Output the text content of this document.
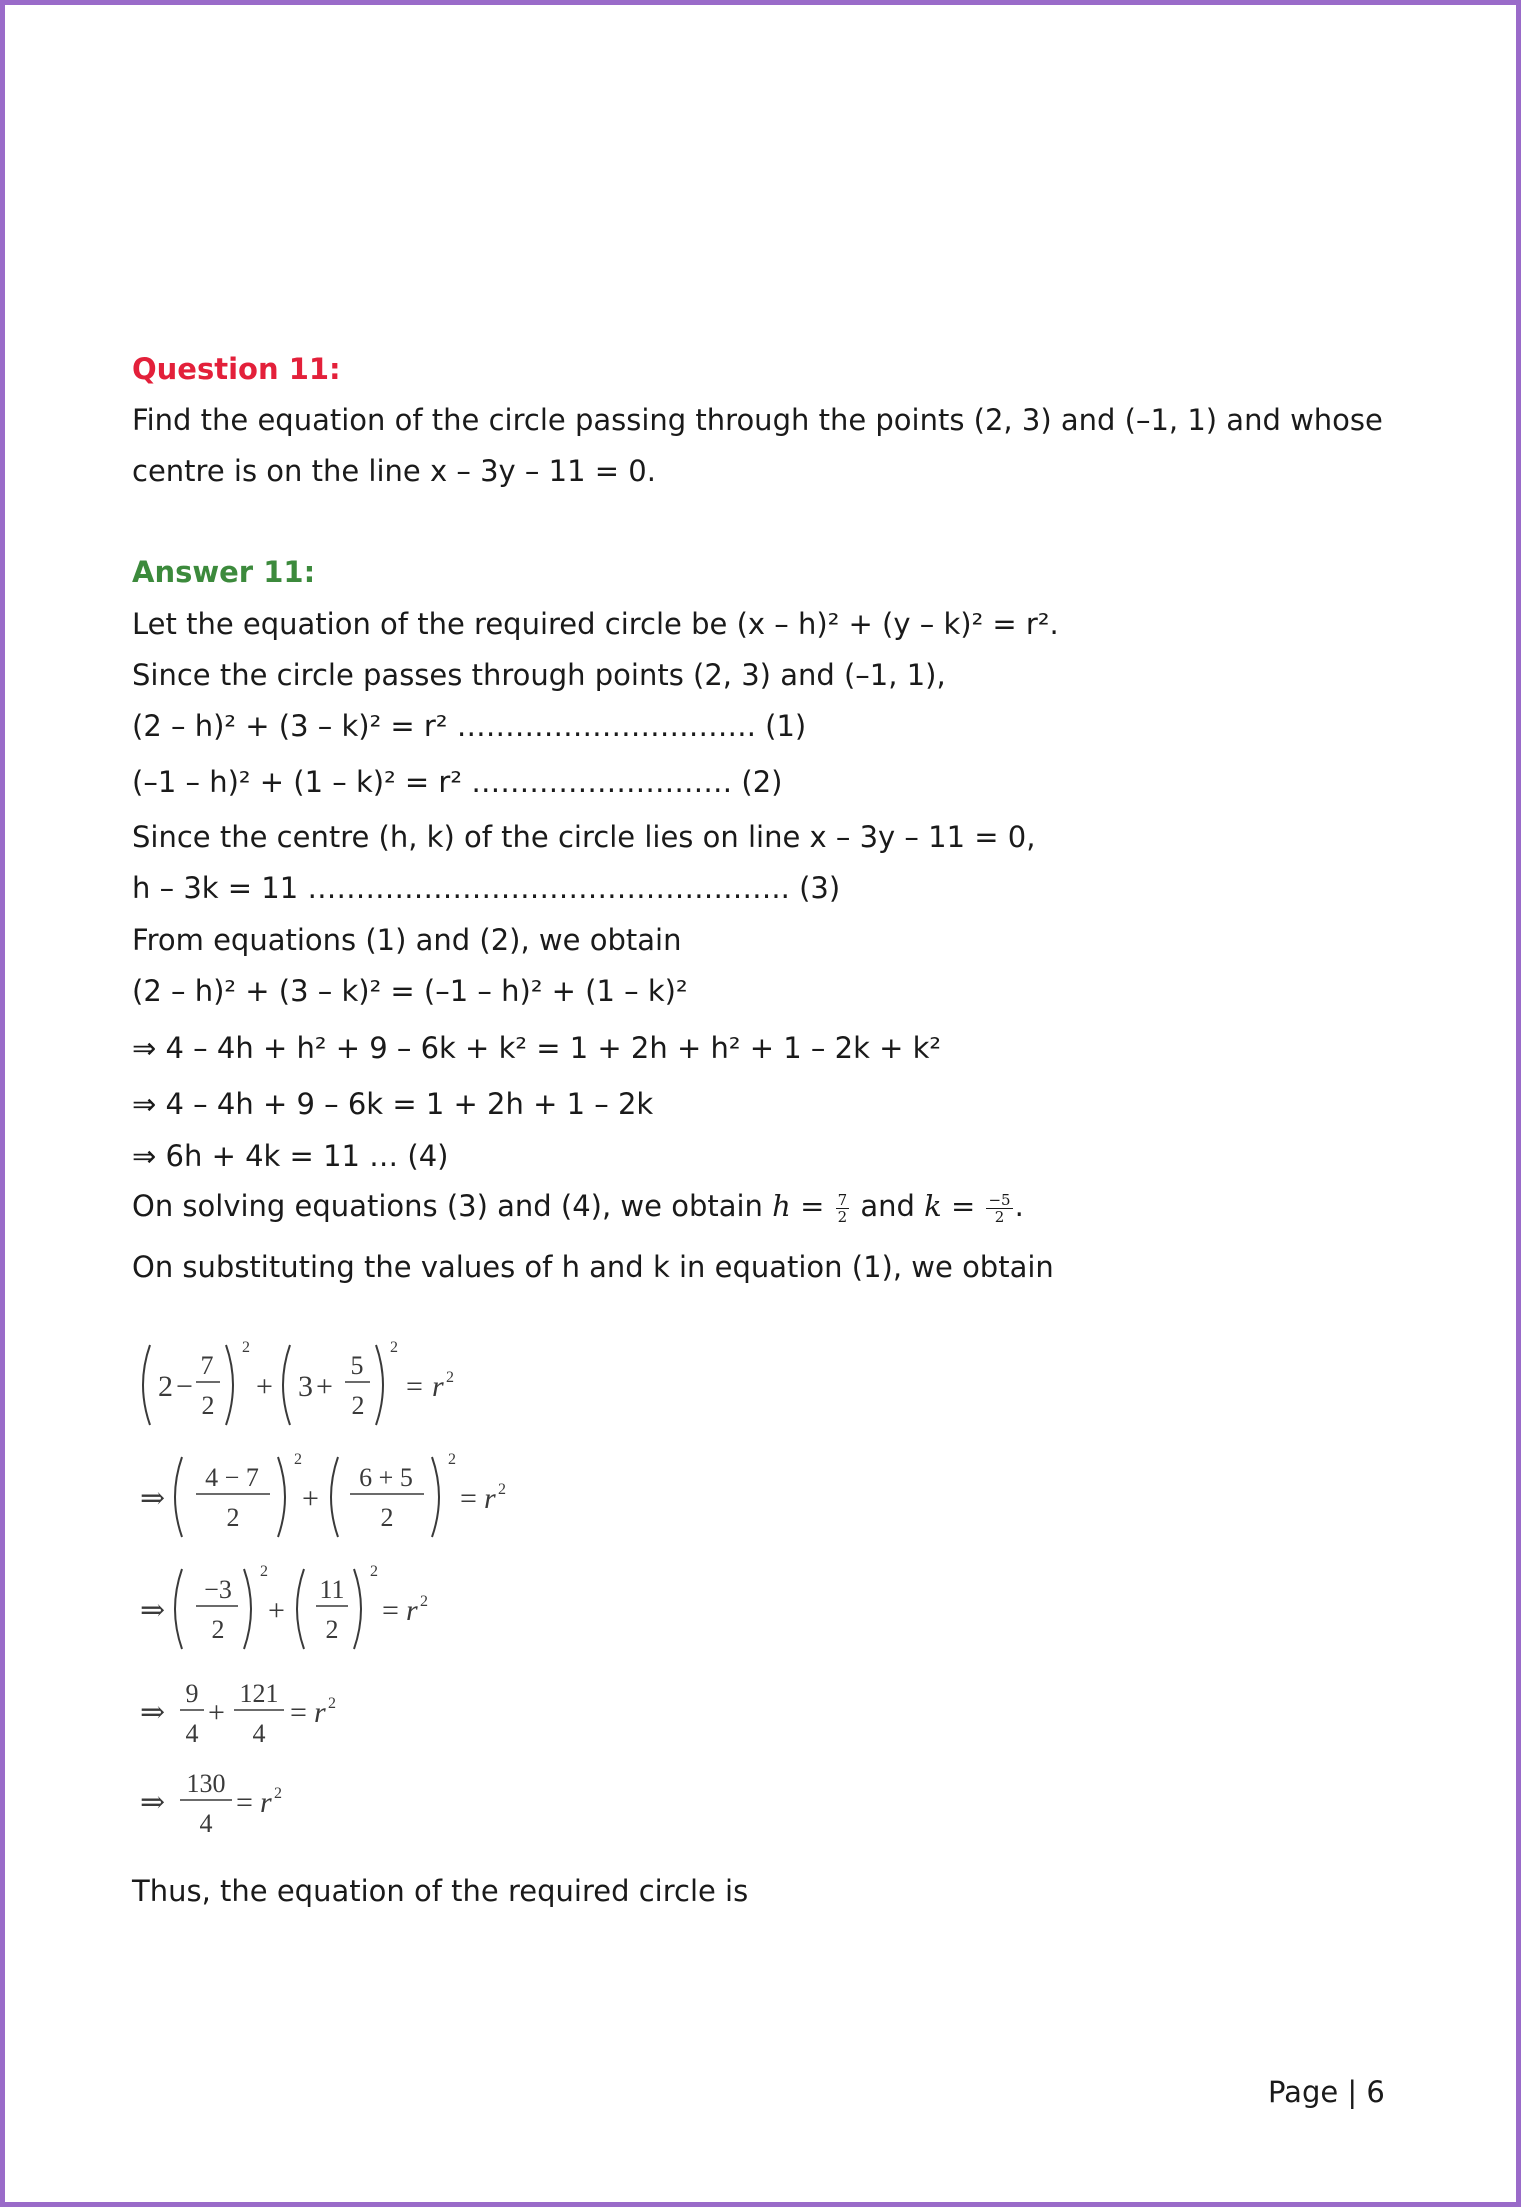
Question 11:
Find the equation of the circle passing through the points (2, 3) and (–1, 1) and whose
centre is on the line x – 3y – 11 = 0.
Answer 11:
Let the equation of the required circle be (x – h)² + (y – k)² = r².
Since the circle passes through points (2, 3) and (–1, 1),
(2 – h)² + (3 – k)² = r² …………………………. (1)
(–1 – h)² + (1 – k)² = r² ……………………… (2)
Since the centre (h, k) of the circle lies on line x – 3y – 11 = 0,
h – 3k = 11 ………………………………………….. (3)
From equations (1) and (2), we obtain
(2 – h)² + (3 – k)² = (–1 – h)² + (1 – k)²
⇒ 4 – 4h + h² + 9 – 6k + k² = 1 + 2h + h² + 1 – 2k + k²
⇒ 4 – 4h + 9 – 6k = 1 + 2h + 1 – 2k
⇒ 6h + 4k = 11 … (4)
On solving equations (3) and (4), we obtain $h = \frac{7}{2}$ and $k = \frac{-5}{2}$ .
On substituting the values of h and k in equation (1), we obtain
2 −
7
2
2
+ 3 +
5
2
2
= r 2
⇒
4 − 7
2
2
+
6 + 5
2
2
= r 2
⇒
−3
2
2
+
11
2
2
= r 2
⇒
9
4
+
121
4
= r 2
⇒
130
4
= r 2
Thus, the equation of the required circle is
Page | 6
